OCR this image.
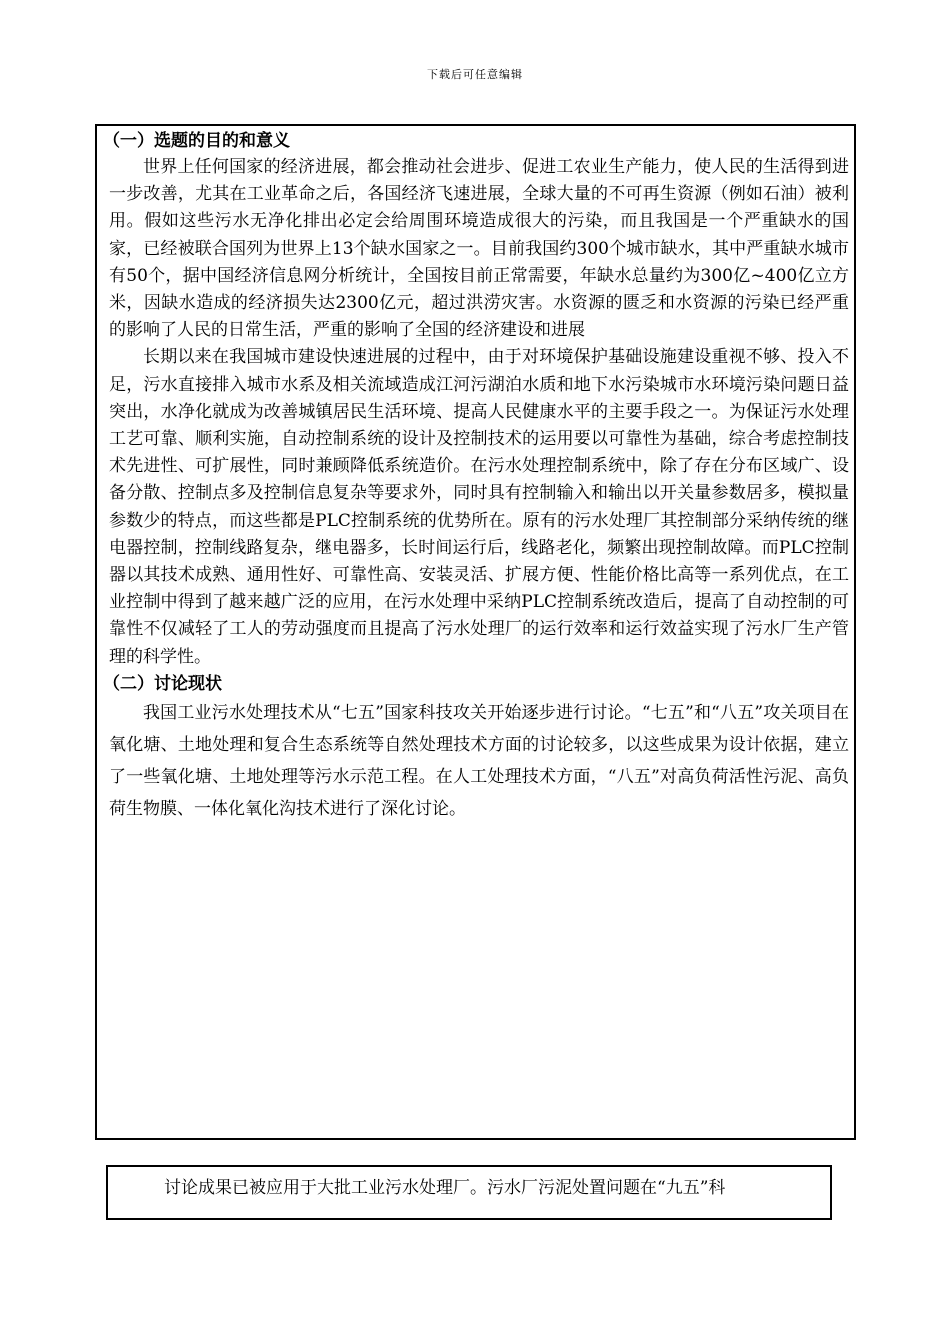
下载后可任意编辑
（一）选题的目的和意义

世界上任何国家的经济进展，都会推动社会进步、促进工农业生产能力，使人民的生活得到进一步改善，尤其在工业革命之后，各国经济飞速进展，全球大量的不可再生资源（例如石油）被利用。假如这些污水无净化排出必定会给周围环境造成很大的污染，而且我国是一个严重缺水的国家，已经被联合国列为世界上13个缺水国家之一。目前我国约300个城市缺水，其中严重缺水城市有50个，据中国经济信息网分析统计，全国按目前正常需要，年缺水总量约为300亿~400亿立方米，因缺水造成的经济损失达2300亿元，超过洪涝灾害。水资源的匮乏和水资源的污染已经严重的影响了人民的日常生活，严重的影响了全国的经济建设和进展

长期以来在我国城市建设快速进展的过程中，由于对环境保护基础设施建设重视不够、投入不足，污水直接排入城市水系及相关流域造成江河污湖泊水质和地下水污染城市水环境污染问题日益突出，水净化就成为改善城镇居民生活环境、提高人民健康水平的主要手段之一。为保证污水处理工艺可靠、顺利实施，自动控制系统的设计及控制技术的运用要以可靠性为基础，综合考虑控制技术先进性、可扩展性，同时兼顾降低系统造价。在污水处理控制系统中，除了存在分布区域广、设备分散、控制点多及控制信息复杂等要求外，同时具有控制输入和输出以开关量参数居多，模拟量参数少的特点，而这些都是PLC控制系统的优势所在。原有的污水处理厂其控制部分采纳传统的继电器控制，控制线路复杂，继电器多，长时间运行后，线路老化，频繁出现控制故障。而PLC控制器以其技术成熟、通用性好、可靠性高、安装灵活、扩展方便、性能价格比高等一系列优点，在工业控制中得到了越来越广泛的应用，在污水处理中采纳PLC控制系统改造后，提高了自动控制的可靠性不仅减轻了工人的劳动强度而且提高了污水处理厂的运行效率和运行效益实现了污水厂生产管理的科学性。

（二）讨论现状

我国工业污水处理技术从“七五”国家科技攻关开始逐步进行讨论。“七五”和“八五”攻关项目在氧化塘、土地处理和复合生态系统等自然处理技术方面的讨论较多，以这些成果为设计依据，建立了一些氧化塘、土地处理等污水示范工程。在人工处理技术方面，“八五”对高负荷活性污泥、高负荷生物膜、一体化氧化沟技术进行了深化讨论。

讨论成果已被应用于大批工业污水处理厂。污水厂污泥处置问题在“九五”科
